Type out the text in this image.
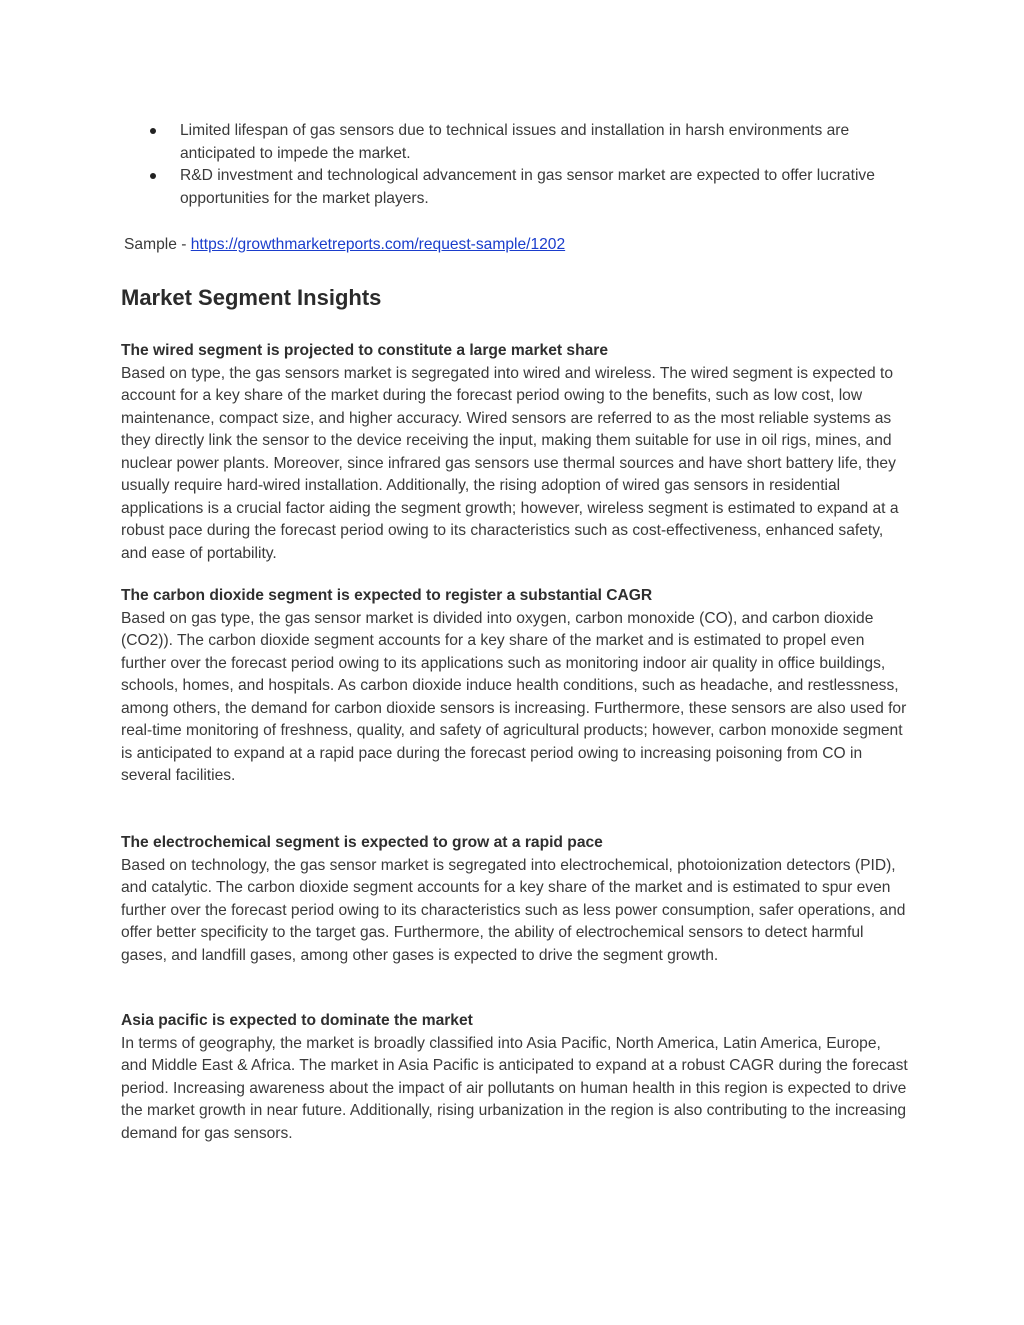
Limited lifespan of gas sensors due to technical issues and installation in harsh environments are anticipated to impede the market.
R&D investment and technological advancement in gas sensor market are expected to offer lucrative opportunities for the market players.
Sample - https://growthmarketreports.com/request-sample/1202
Market Segment Insights
The wired segment is projected to constitute a large market share
Based on type, the gas sensors market is segregated into wired and wireless. The wired segment is expected to account for a key share of the market during the forecast period owing to the benefits, such as low cost, low maintenance, compact size, and higher accuracy. Wired sensors are referred to as the most reliable systems as they directly link the sensor to the device receiving the input, making them suitable for use in oil rigs, mines, and nuclear power plants. Moreover, since infrared gas sensors use thermal sources and have short battery life, they usually require hard-wired installation. Additionally, the rising adoption of wired gas sensors in residential applications is a crucial factor aiding the segment growth; however, wireless segment is estimated to expand at a robust pace during the forecast period owing to its characteristics such as cost-effectiveness, enhanced safety, and ease of portability.
The carbon dioxide segment is expected to register a substantial CAGR
Based on gas type, the gas sensor market is divided into oxygen, carbon monoxide (CO), and carbon dioxide (CO2)). The carbon dioxide segment accounts for a key share of the market and is estimated to propel even further over the forecast period owing to its applications such as monitoring indoor air quality in office buildings, schools, homes, and hospitals. As carbon dioxide induce health conditions, such as headache, and restlessness, among others, the demand for carbon dioxide sensors is increasing. Furthermore, these sensors are also used for real-time monitoring of freshness, quality, and safety of agricultural products; however, carbon monoxide segment is anticipated to expand at a rapid pace during the forecast period owing to increasing poisoning from CO in several facilities.
The electrochemical segment is expected to grow at a rapid pace
Based on technology, the gas sensor market is segregated into electrochemical, photoionization detectors (PID), and catalytic. The carbon dioxide segment accounts for a key share of the market and is estimated to spur even further over the forecast period owing to its characteristics such as less power consumption, safer operations, and offer better specificity to the target gas. Furthermore, the ability of electrochemical sensors to detect harmful gases, and landfill gases, among other gases is expected to drive the segment growth.
Asia pacific is expected to dominate the market
In terms of geography, the market is broadly classified into Asia Pacific, North America, Latin America, Europe, and Middle East & Africa. The market in Asia Pacific is anticipated to expand at a robust CAGR during the forecast period. Increasing awareness about the impact of air pollutants on human health in this region is expected to drive the market growth in near future. Additionally, rising urbanization in the region is also contributing to the increasing demand for gas sensors.
